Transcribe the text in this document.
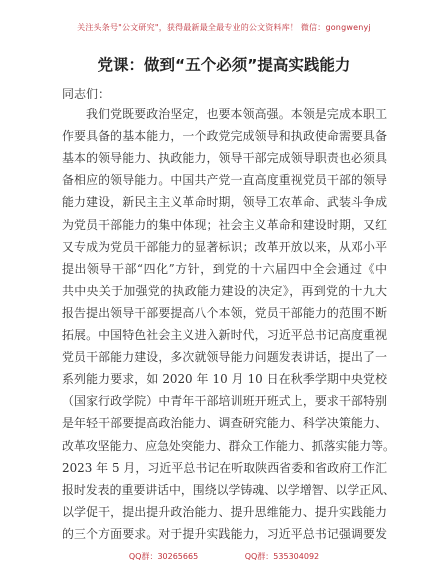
关注头条号"公文研究"，获得最新最全最专业的公文资料库！ 微信：gongwenyj
党课：做到“五个必须”提高实践能力
同志们：
我们党既要政治坚定，也要本领高强。本领是完成本职工
作要具备的基本能力，一个政党完成领导和执政使命需要具备
基本的领导能力、执政能力，领导干部完成领导职责也必须具
备相应的领导能力。中国共产党一直高度重视党员干部的领导
能力建设，新民主主义革命时期，领导工农革命、武装斗争成
为党员干部能力的集中体现；社会主义革命和建设时期，又红
又专成为党员干部能力的显著标识；改革开放以来，从邓小平
提出领导干部“四化”方针，到党的十六届四中全会通过《中
共中央关于加强党的执政能力建设的决定》，再到党的十九大
报告提出领导干部要提高八个本领，党员干部能力的范围不断
拓展。中国特色社会主义进入新时代，习近平总书记高度重视
党员干部能力建设，多次就领导能力问题发表讲话，提出了一
系列能力要求，如 2020 年 10 月 10 日在秋季学期中央党校
（国家行政学院）中青年干部培训班开班式上，要求干部特别
是年轻干部要提高政治能力、调查研究能力、科学决策能力、
改革攻坚能力、应急处突能力、群众工作能力、抓落实能力等。
2023 年 5 月，习近平总书记在听取陕西省委和省政府工作汇
报时发表的重要讲话中，围绕以学铸魂、以学增智、以学正风、
以学促干，提出提升政治能力、提升思维能力、提升实践能力
的三个方面要求。对于提升实践能力，习近平总书记强调要发
QQ群：30265665	QQ群：535304092
